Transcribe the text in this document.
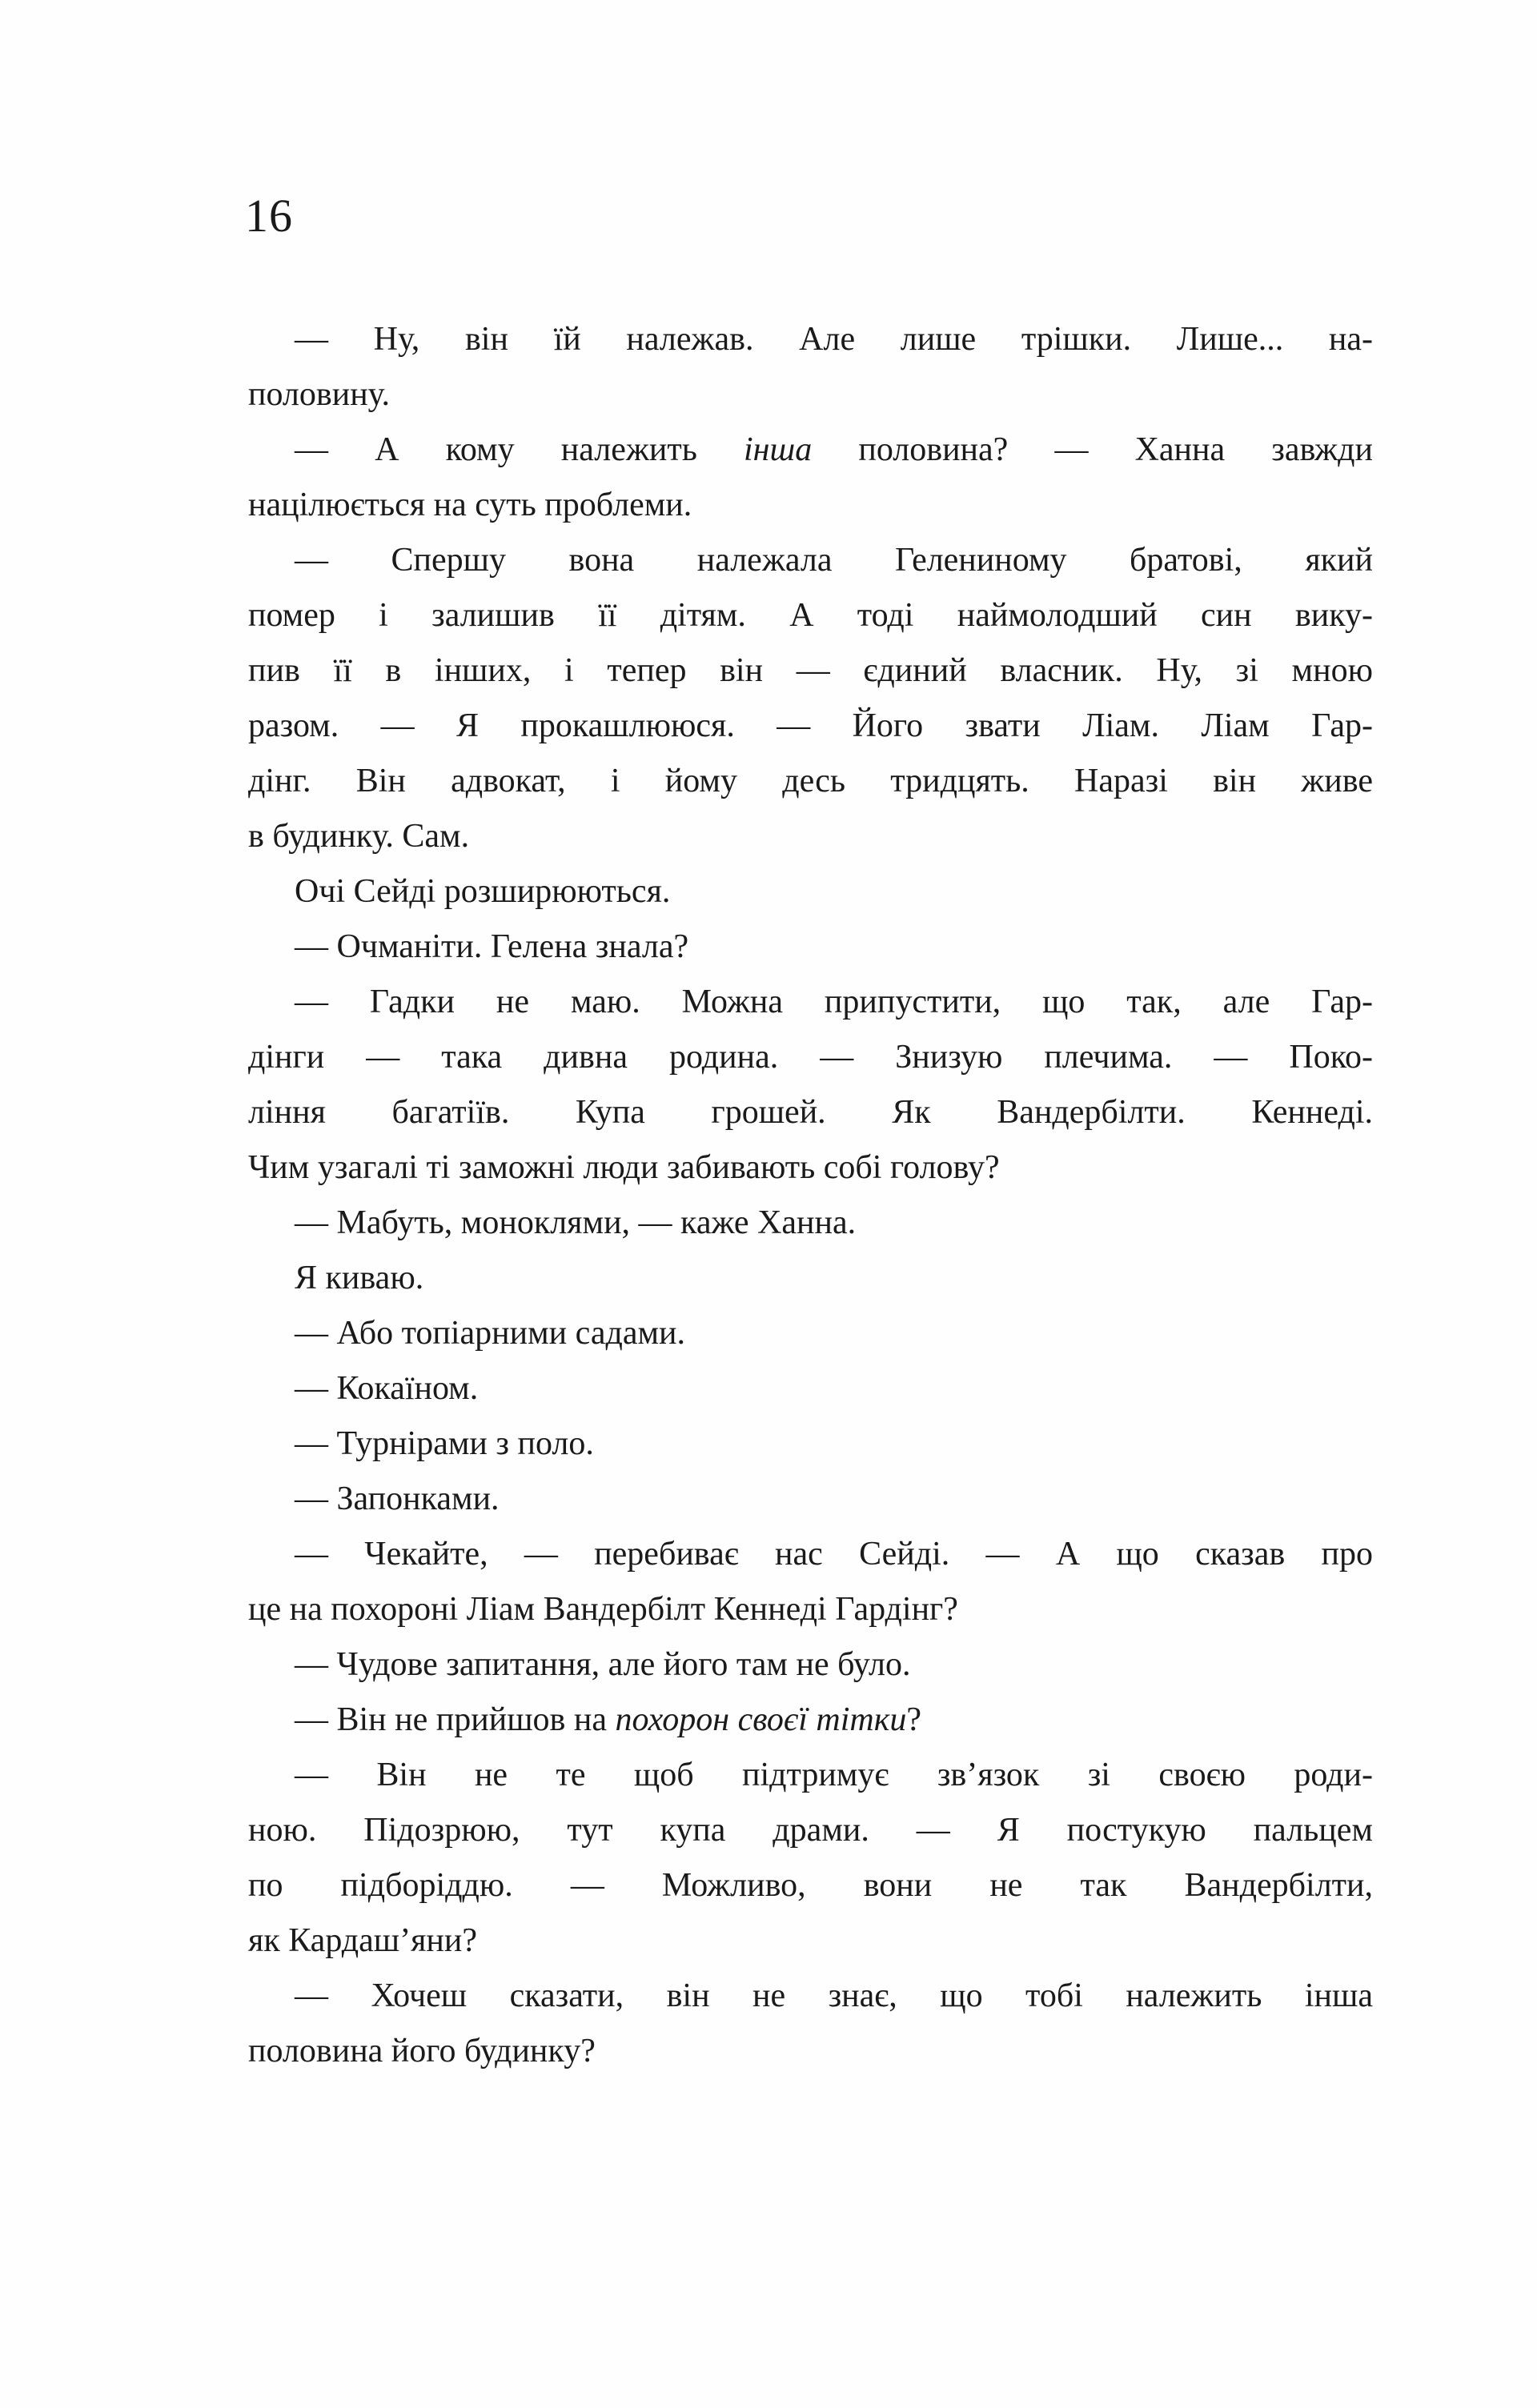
16
— Ну, він їй належав. Але лише трішки. Лише... на-
половину.
— А кому належить інша половина? — Ханна завжди
націлюється на суть проблеми.
— Спершу вона належала Гелениному братові, який
помер і залишив її дітям. А тоді наймолодший син вику-
пив її в інших, і тепер він — єдиний власник. Ну, зі мною
разом. — Я прокашлююся. — Його звати Ліам. Ліам Гар-
дінг. Він адвокат, і йому десь тридцять. Наразі він живе
в будинку. Сам.
Очі Сейді розширюються.
— Очманіти. Гелена знала?
— Гадки не маю. Можна припустити, що так, але Гар-
дінги — така дивна родина. — Знизую плечима. — Поко-
ління багатіїв. Купа грошей. Як Вандербілти. Кеннеді.
Чим узагалі ті заможні люди забивають собі голову?
— Мабуть, моноклями, — каже Ханна.
Я киваю.
— Або топіарними садами.
— Кокаїном.
— Турнірами з поло.
— Запонками.
— Чекайте, — перебиває нас Сейді. — А що сказав про
це на похороні Ліам Вандербілт Кеннеді Гардінг?
— Чудове запитання, але його там не було.
— Він не прийшов на похорон своєї тітки?
— Він не те щоб підтримує зв’язок зі своєю роди-
ною. Підозрюю, тут купа драми. — Я постукую пальцем
по підборіддю. — Можливо, вони не так Вандербілти,
як Кардаш’яни?
— Хочеш сказати, він не знає, що тобі належить інша
половина його будинку?
